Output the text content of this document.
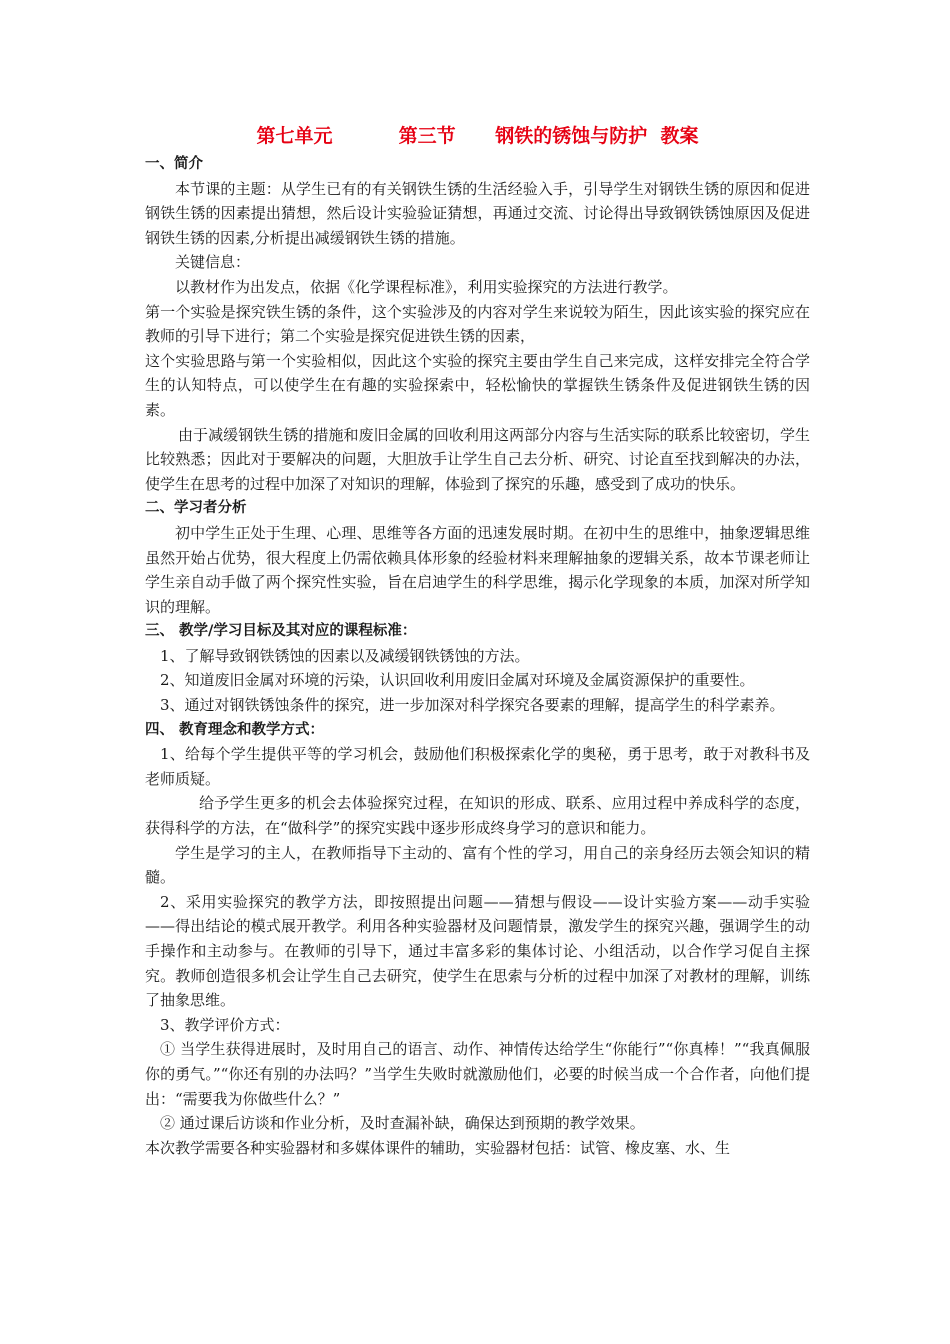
第七单元          第三节      钢铁的锈蚀与防护  教案
一、简介
本节课的主题：从学生已有的有关钢铁生锈的生活经验入手，引导学生对钢铁生锈的原因和促进钢铁生锈的因素提出猜想，然后设计实验验证猜想，再通过交流、讨论得出导致钢铁锈蚀原因及促进钢铁生锈的因素,分析提出减缓钢铁生锈的措施。
关键信息：
以教材作为出发点，依据《化学课程标准》，利用实验探究的方法进行教学。
第一个实验是探究铁生锈的条件，这个实验涉及的内容对学生来说较为陌生，因此该实验的探究应在教师的引导下进行；第二个实验是探究促进铁生锈的因素，
这个实验思路与第一个实验相似，因此这个实验的探究主要由学生自己来完成，这样安排完全符合学生的认知特点，可以使学生在有趣的实验探索中，轻松愉快的掌握铁生锈条件及促进钢铁生锈的因素。
由于减缓钢铁生锈的措施和废旧金属的回收利用这两部分内容与生活实际的联系比较密切，学生比较熟悉；因此对于要解决的问题，大胆放手让学生自己去分析、研究、讨论直至找到解决的办法，使学生在思考的过程中加深了对知识的理解，体验到了探究的乐趣，感受到了成功的快乐。
二、学习者分析
初中学生正处于生理、心理、思维等各方面的迅速发展时期。在初中生的思维中，抽象逻辑思维虽然开始占优势，很大程度上仍需依赖具体形象的经验材料来理解抽象的逻辑关系，故本节课老师让学生亲自动手做了两个探究性实验，旨在启迪学生的科学思维，揭示化学现象的本质，加深对所学知识的理解。
三、 教学/学习目标及其对应的课程标准：
1、了解导致钢铁锈蚀的因素以及减缓钢铁锈蚀的方法。
2、知道废旧金属对环境的污染，认识回收利用废旧金属对环境及金属资源保护的重要性。
3、通过对钢铁锈蚀条件的探究，进一步加深对科学探究各要素的理解，提高学生的科学素养。
四、 教育理念和教学方式：
1、给每个学生提供平等的学习机会，鼓励他们积极探索化学的奥秘，勇于思考，敢于对教科书及老师质疑。
给予学生更多的机会去体验探究过程，在知识的形成、联系、应用过程中养成科学的态度，获得科学的方法，在“做科学”的探究实践中逐步形成终身学习的意识和能力。
学生是学习的主人，在教师指导下主动的、富有个性的学习，用自己的亲身经历去领会知识的精髓。
2、采用实验探究的教学方法，即按照提出问题——猜想与假设——设计实验方案——动手实验——得出结论的模式展开教学。利用各种实验器材及问题情景，激发学生的探究兴趣，强调学生的动手操作和主动参与。在教师的引导下，通过丰富多彩的集体讨论、小组活动，以合作学习促自主探究。教师创造很多机会让学生自己去研究，使学生在思索与分析的过程中加深了对教材的理解，训练了抽象思维。
3、教学评价方式：
① 当学生获得进展时，及时用自己的语言、动作、神情传达给学生“你能行”“你真棒！”“我真佩服你的勇气。”“你还有别的办法吗？”当学生失败时就激励他们，必要的时候当成一个合作者，向他们提出：“需要我为你做些什么？”
② 通过课后访谈和作业分析，及时查漏补缺，确保达到预期的教学效果。
本次教学需要各种实验器材和多媒体课件的辅助，实验器材包括：试管、橡皮塞、水、生
